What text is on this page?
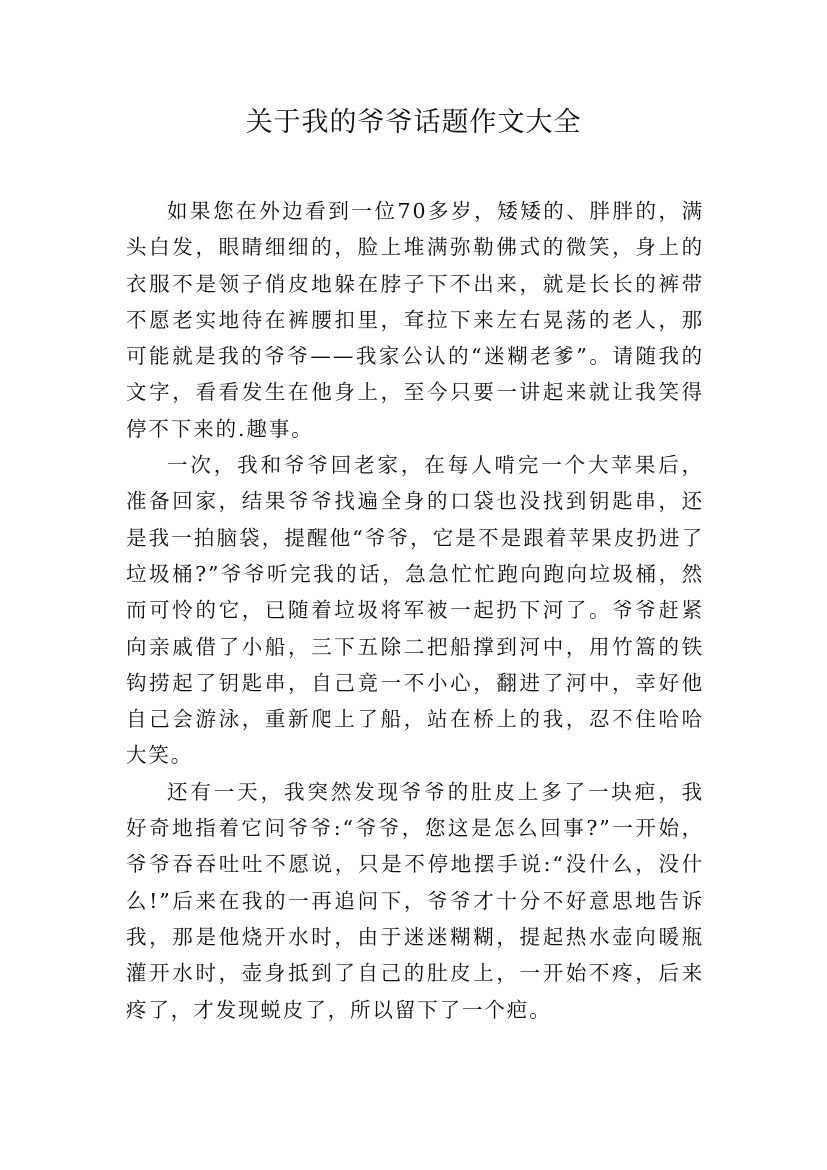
关于我的爷爷话题作文大全

如果您在外边看到一位70多岁，矮矮的、胖胖的，满头白发，眼睛细细的，脸上堆满弥勒佛式的微笑，身上的衣服不是领子俏皮地躲在脖子下不出来，就是长长的裤带不愿老实地待在裤腰扣里，耷拉下来左右晃荡的老人，那可能就是我的爷爷——我家公认的“迷糊老爹”。请随我的文字，看看发生在他身上，至今只要一讲起来就让我笑得停不下来的.趣事。

一次，我和爷爷回老家，在每人啃完一个大苹果后，准备回家，结果爷爷找遍全身的口袋也没找到钥匙串，还是我一拍脑袋，提醒他“爷爷，它是不是跟着苹果皮扔进了垃圾桶?”爷爷听完我的话，急急忙忙跑向跑向垃圾桶，然而可怜的它，已随着垃圾将军被一起扔下河了。爷爷赶紧向亲戚借了小船，三下五除二把船撑到河中，用竹篙的铁钩捞起了钥匙串，自己竟一不小心，翻进了河中，幸好他自己会游泳，重新爬上了船，站在桥上的我，忍不住哈哈大笑。

还有一天，我突然发现爷爷的肚皮上多了一块疤，我好奇地指着它问爷爷:“爷爷，您这是怎么回事?”一开始，爷爷吞吞吐吐不愿说，只是不停地摆手说:“没什么，没什么!”后来在我的一再追问下，爷爷才十分不好意思地告诉我，那是他烧开水时，由于迷迷糊糊，提起热水壶向暖瓶灌开水时，壶身抵到了自己的肚皮上，一开始不疼，后来疼了，才发现蜕皮了，所以留下了一个疤。
